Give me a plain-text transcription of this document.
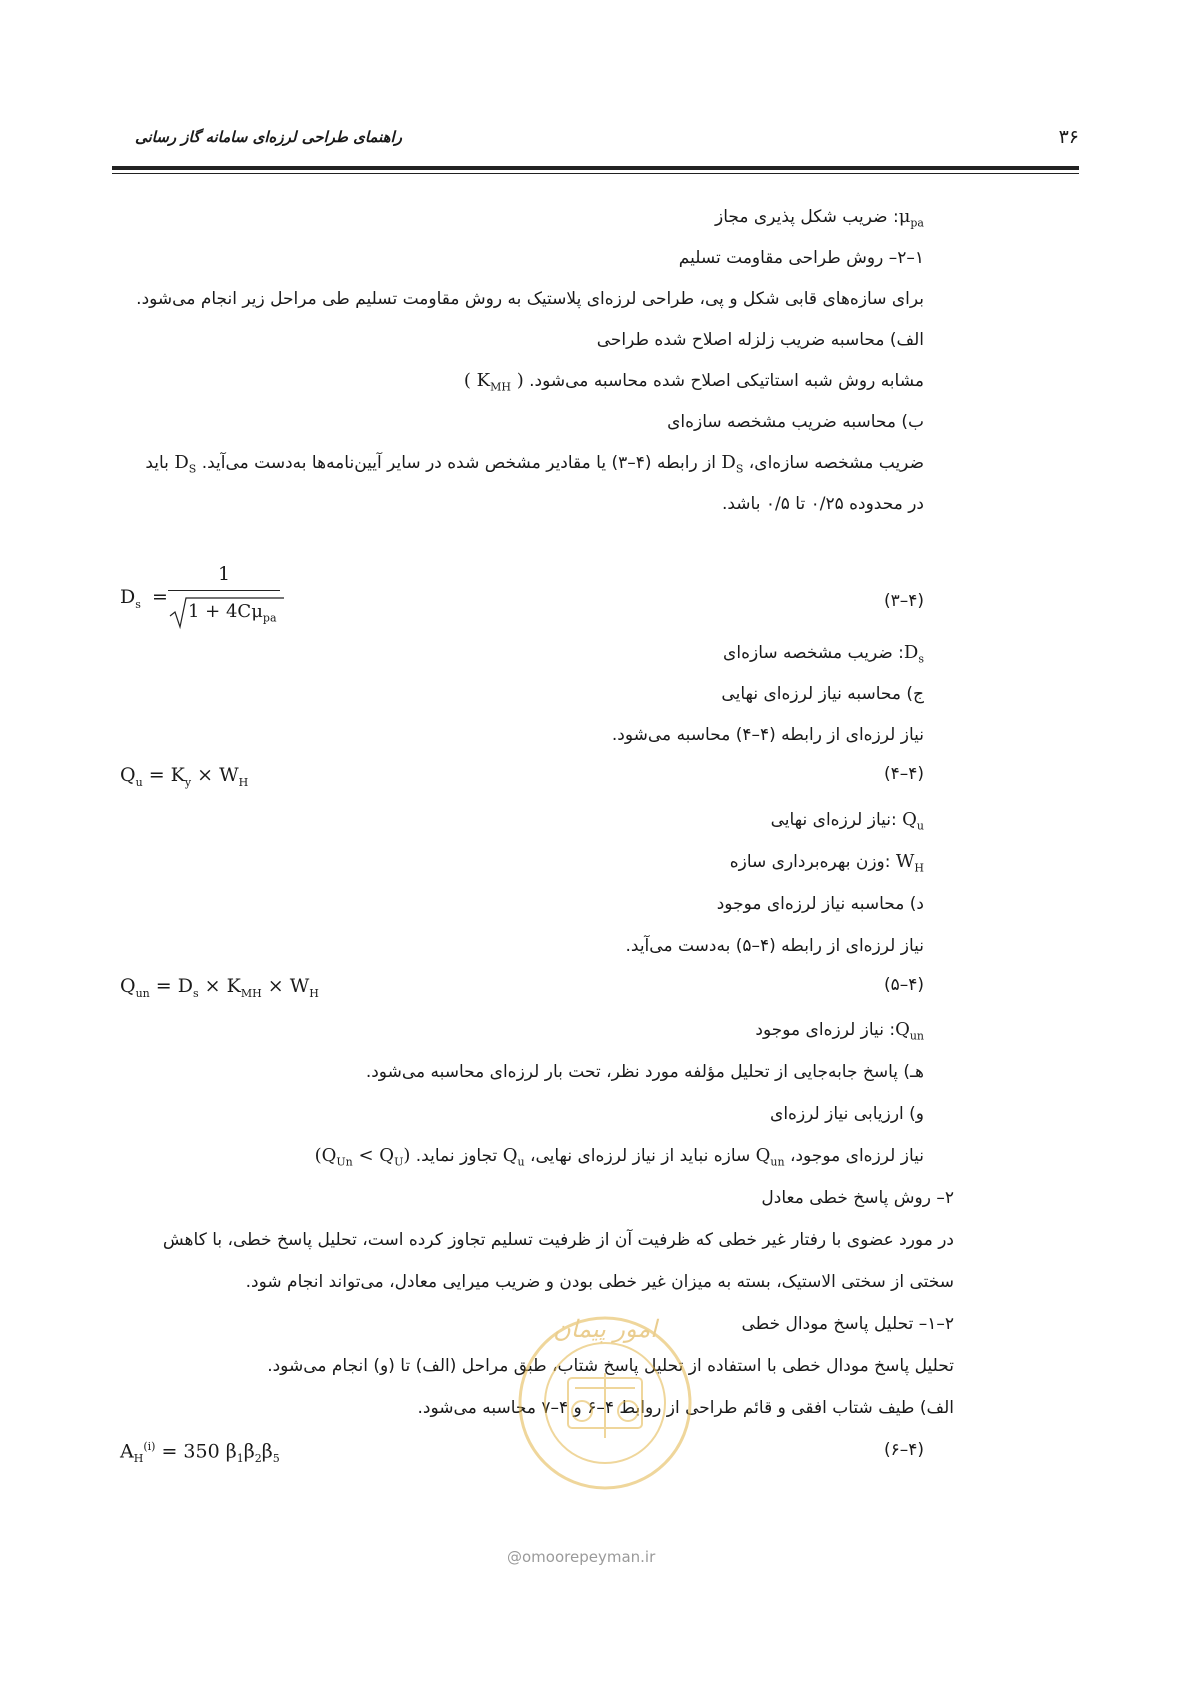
۳۶
راهنمای طراحی لرزه‌ای سامانه گاز رسانی
$\mu_{pa}$: ضریب شکل پذیری مجاز
۱–۲– روش طراحی مقاومت تسلیم
برای سازه‌های قابی شکل و پی، طراحی لرزه‌ای پلاستیک به روش مقاومت تسلیم طی مراحل زیر انجام می‌شود.
الف) محاسبه ضریب زلزله اصلاح شده طراحی
مشابه روش شبه استاتیکی اصلاح شده محاسبه می‌شود. ( $K_{MH}$ )
ب) محاسبه ضریب مشخصه سازه‌ای
ضریب مشخصه سازه‌ای، $D_S$ از رابطه (۴–۳) یا مقادیر مشخص شده در سایر آیین‌نامه‌ها به‌دست می‌آید. $D_S$ باید
در محدوده ۰/۲۵ تا ۰/۵ باشد.
$D_s$ =
1
$1 + 4C\mu_{pa}$
(۴–۳)
$D_s$: ضریب مشخصه سازه‌ای
ج) محاسبه نیاز لرزه‌ای نهایی
نیاز لرزه‌ای از رابطه (۴–۴) محاسبه می‌شود.
$Q_u = K_y \times W_H$	(۴–۴)
$Q_u$ :نیاز لرزه‌ای نهایی
$W_H$ :وزن بهره‌برداری سازه
د) محاسبه نیاز لرزه‌ای موجود
نیاز لرزه‌ای از رابطه (۴–۵) به‌دست می‌آید.
$Q_{un} = D_s \times K_{MH} \times W_H$	(۴–۵)
$Q_{un}$: نیاز لرزه‌ای موجود
هـ) پاسخ جابه‌جایی از تحلیل مؤلفه مورد نظر، تحت بار لرزه‌ای محاسبه می‌شود.
و) ارزیابی نیاز لرزه‌ای
نیاز لرزه‌ای موجود، $Q_{un}$ سازه نباید از نیاز لرزه‌ای نهایی، $Q_u$ تجاوز نماید. $(Q_{Un} < Q_U)$
۲– روش پاسخ خطی معادل
در مورد عضوی با رفتار غیر خطی که ظرفیت آن از ظرفیت تسلیم تجاوز کرده است، تحلیل پاسخ خطی، با کاهش
سختی از سختی الاستیک، بسته به میزان غیر خطی بودن و ضریب میرایی معادل، می‌تواند انجام شود.
۲–۱– تحلیل پاسخ مودال خطی
تحلیل پاسخ مودال خطی با استفاده از تحلیل پاسخ شتاب، طبق مراحل (الف) تا (و) انجام می‌شود.
الف) طیف شتاب افقی و قائم طراحی از روابط ۴–۶ و ۴–۷ محاسبه می‌شود.
$A_H^{(i)} = 350$ $\beta_1\beta_2\beta_5$	(۴–۶)
امور پیمان
@omoorepeyman.ir
